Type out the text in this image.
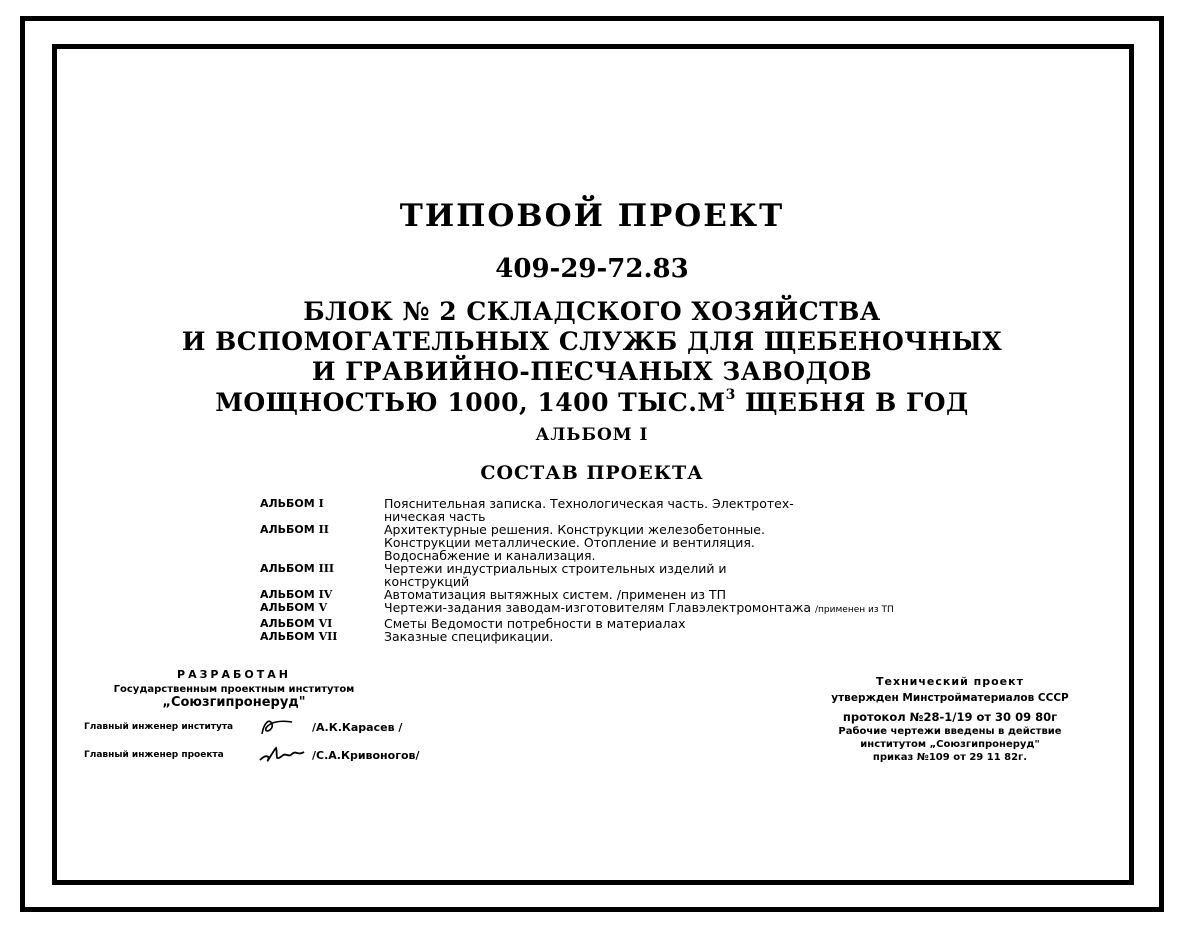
ТИПОВОЙ ПРОЕКТ
409-29-72.83
БЛОК № 2 СКЛАДСКОГО ХОЗЯЙСТВА
И ВСПОМОГАТЕЛЬНЫХ СЛУЖБ ДЛЯ ЩЕБЕНОЧНЫХ
И ГРАВИЙНО-ПЕСЧАНЫХ ЗАВОДОВ
МОЩНОСТЬЮ 1000, 1400 $ТЫС.М^3$ ЩЕБНЯ В ГОД
АЛЬБОМ I
СОСТАВ ПРОЕКТА
АЛЬБОМ I	Пояснительная записка. Технологическая часть. Электротех-
ническая часть
АЛЬБОМ II	Архитектурные решения. Конструкции железобетонные.
Конструкции металлические. Отопление и вентиляция.
Водоснабжение и канализация.
АЛЬБОМ III	Чертежи индустриальных строительных изделий и
конструкций
АЛЬБОМ IV	Автоматизация вытяжных систем. /применен из ТП
АЛЬБОМ V	Чертежи-задания заводам-изготовителям Главэлектромонтажа /применен из ТП
АЛЬБОМ VI	Сметы Ведомости потребности в материалах
АЛЬБОМ VII	Заказные спецификации.
РАЗРАБОТАН
Государственным проектным институтом
„Союзгипронеруд"
Главный инженер института	/А.К.Карасев /
Главный инженер проекта	/С.А.Кривоногов/
Технический проект
утвержден Минстройматериалов СССР
протокол №28-1/19 от 30 09 80г
Рабочие чертежи введены в действие
институтом „Союзгипронеруд"
приказ №109 от 29 11 82г.
